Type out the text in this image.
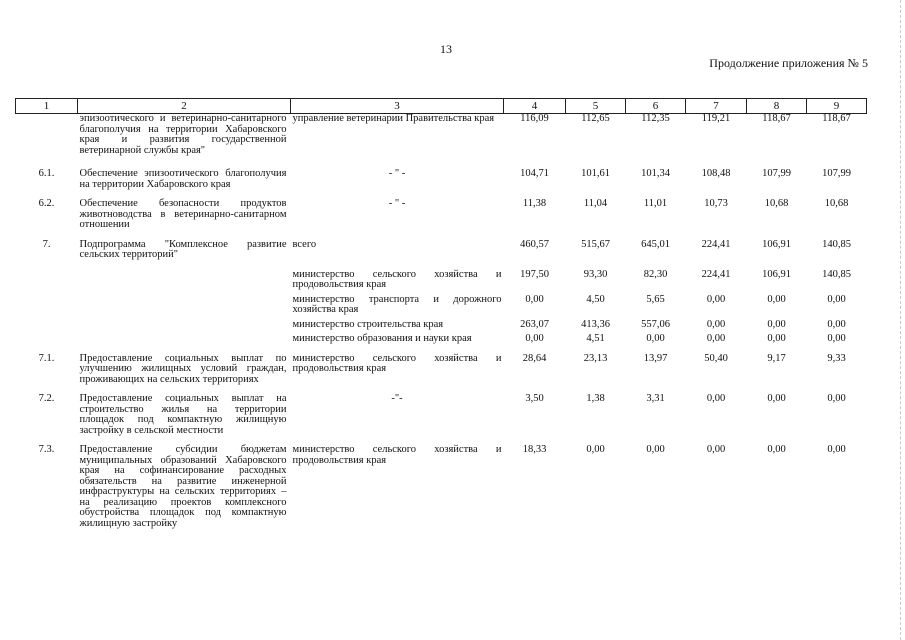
13
Продолжение приложения № 5
1	2	3	4	5	6	7	8	9
	эпизоотического и ветеринарно-санитарного благополучия на территории Хабаровского края и развития государственной ветеринарной службы края"	управление ветеринарии Правительства края	116,09	112,65	112,35	119,21	118,67	118,67
6.1.	Обеспечение эпизоотического благополучия на территории Хабаровского края	- " -	104,71	101,61	101,34	108,48	107,99	107,99
6.2.	Обеспечение безопасности продуктов животноводства в ветеринарно-санитарном отношении	- " -	11,38	11,04	11,01	10,73	10,68	10,68
7.	Подпрограмма "Комплексное развитие сельских территорий"	всего	460,57	515,67	645,01	224,41	106,91	140,85
		министерство сельского хозяйства и продовольствия края	197,50	93,30	82,30	224,41	106,91	140,85
		министерство транспорта и дорожного хозяйства края	0,00	4,50	5,65	0,00	0,00	0,00
		министерство строительства края	263,07	413,36	557,06	0,00	0,00	0,00
		министерство образования и науки края	0,00	4,51	0,00	0,00	0,00	0,00
7.1.	Предоставление социальных выплат по улучшению жилищных условий граждан, проживающих на сельских территориях	министерство сельского хозяйства и продовольствия края	28,64	23,13	13,97	50,40	9,17	9,33
7.2.	Предоставление социальных выплат на строительство жилья на территории площадок под компактную жилищную застройку в сельской местности	-"-	3,50	1,38	3,31	0,00	0,00	0,00
7.3.	Предоставление субсидии бюджетам муниципальных образований Хабаровского края на софинансирование расходных обязательств на развитие инженерной инфраструктуры на сельских территориях – на реализацию проектов комплексного обустройства площадок под компактную жилищную застройку	министерство сельского хозяйства и продовольствия края	18,33	0,00	0,00	0,00	0,00	0,00
